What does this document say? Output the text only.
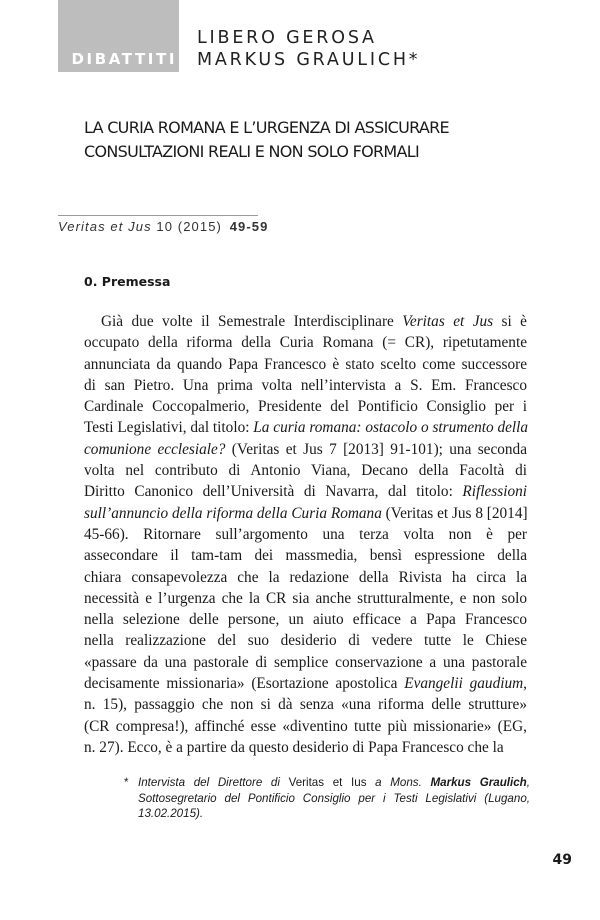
DIBATTITI
LIBERO GEROSA
MARKUS GRAULICH*
LA CURIA ROMANA E L’URGENZA DI ASSICURARE
CONSULTAZIONI REALI E NON SOLO FORMALI
Veritas et Jus 10 (2015) 49-59
0. Premessa
Già due volte il Semestrale Interdisciplinare Veritas et Jus si è
occupato della riforma della Curia Romana (= CR), ripetutamente
annunciata da quando Papa Francesco è stato scelto come successore
di san Pietro. Una prima volta nell’intervista a S. Em. Francesco
Cardinale Coccopalmerio, Presidente del Pontificio Consiglio per i
Testi Legislativi, dal titolo: La curia romana: ostacolo o strumento della
comunione ecclesiale? (Veritas et Jus 7 [2013] 91-101); una seconda
volta nel contributo di Antonio Viana, Decano della Facoltà di
Diritto Canonico dell’Università di Navarra, dal titolo: Riflessioni
sull’annuncio della riforma della Curia Romana (Veritas et Jus 8 [2014]
45-66). Ritornare sull’argomento una terza volta non è per
assecondare il tam-tam dei massmedia, bensì espressione della
chiara consapevolezza che la redazione della Rivista ha circa la
necessità e l’urgenza che la CR sia anche strutturalmente, e non solo
nella selezione delle persone, un aiuto efficace a Papa Francesco
nella realizzazione del suo desiderio di vedere tutte le Chiese
«passare da una pastorale di semplice conservazione a una pastorale
decisamente missionaria» (Esortazione apostolica Evangelii gaudium,
n. 15), passaggio che non si dà senza «una riforma delle strutture»
(CR compresa!), affinché esse «diventino tutte più missionarie» (EG,
n. 27). Ecco, è a partire da questo desiderio di Papa Francesco che la
* Intervista del Direttore di Veritas et Ius a Mons. Markus Graulich,
Sottosegretario del Pontificio Consiglio per i Testi Legislativi (Lugano,
13.02.2015).
49
